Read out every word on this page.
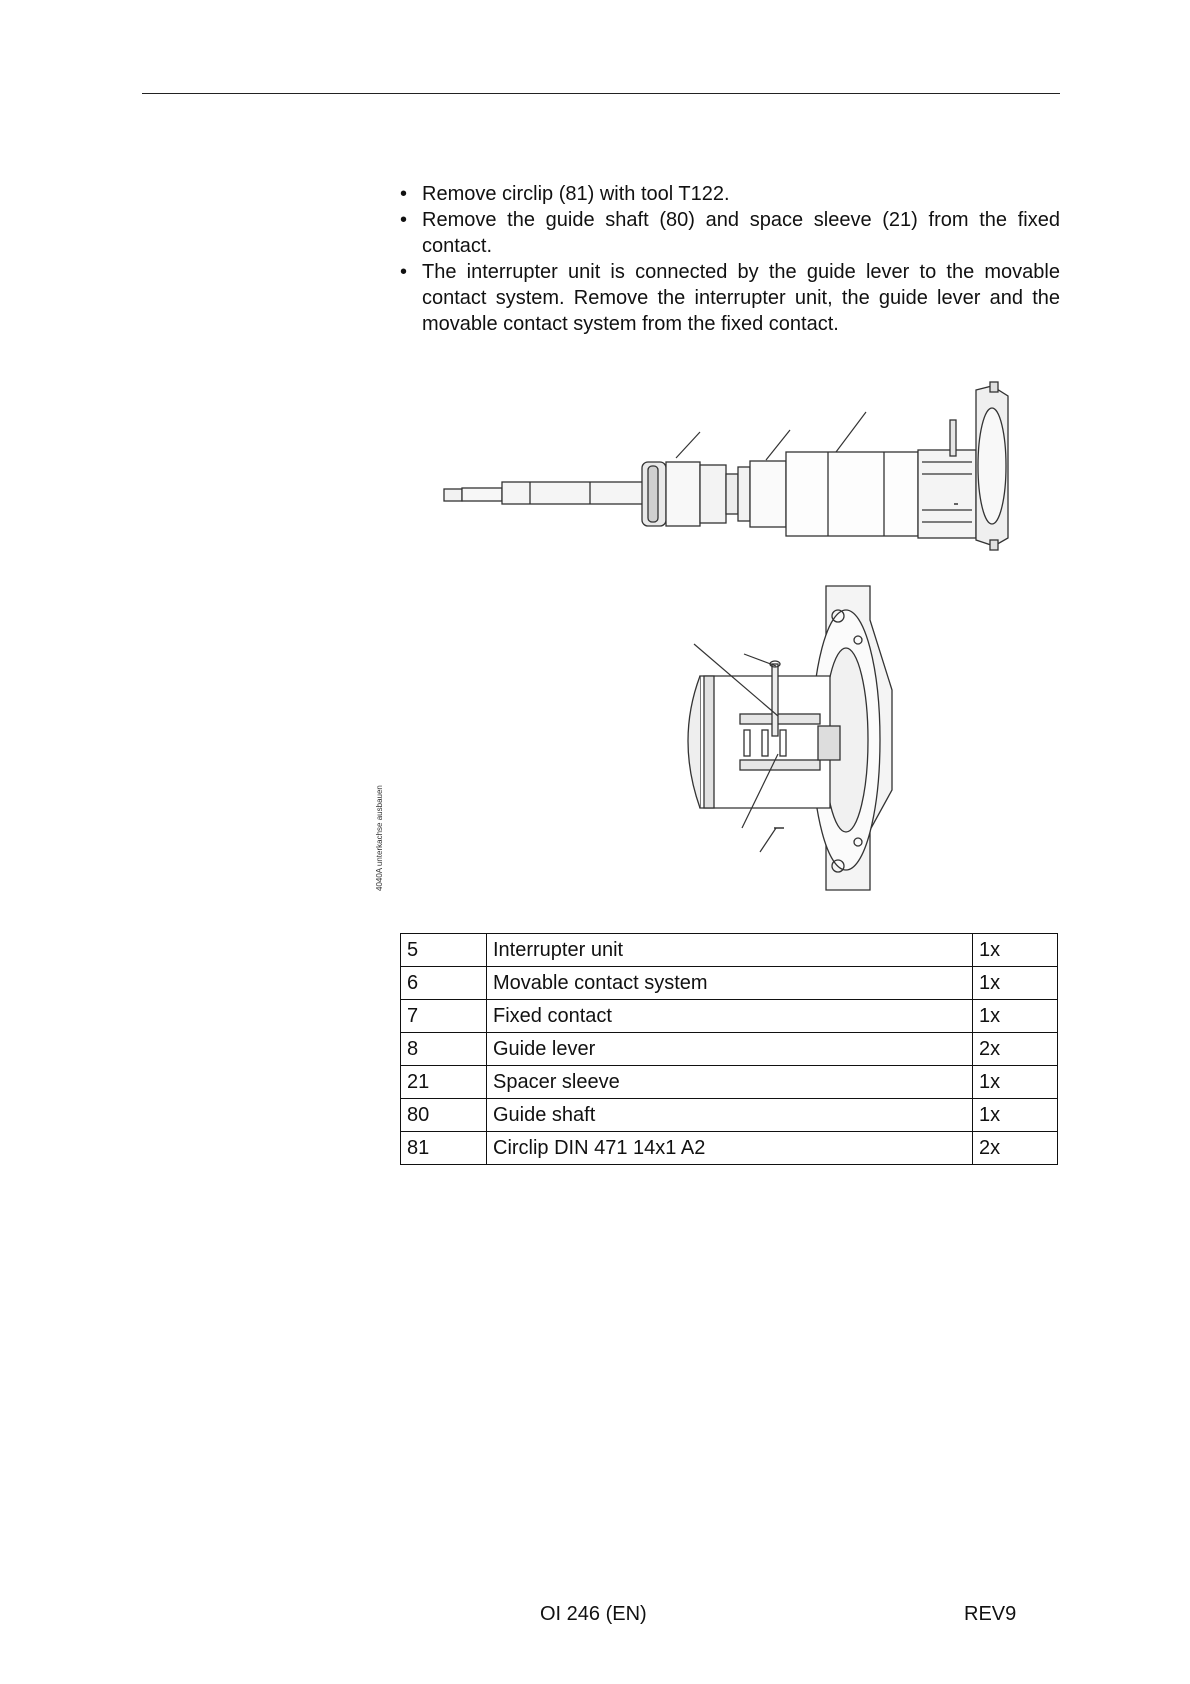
• Remove circlip (81) with tool T122.
• Remove the guide shaft (80) and space sleeve (21) from the fixed contact.
• The interrupter unit is connected by the guide lever to the movable contact system. Remove the interrupter unit, the guide lever and the movable contact system from the fixed contact.
4040A unterkachse ausbauen
5	Interrupter unit	1x
6	Movable contact system	1x
7	Fixed contact	1x
8	Guide lever	2x
21	Spacer sleeve	1x
80	Guide shaft	1x
81	Circlip DIN 471 14x1 A2	2x
OI 246 (EN)	REV9
